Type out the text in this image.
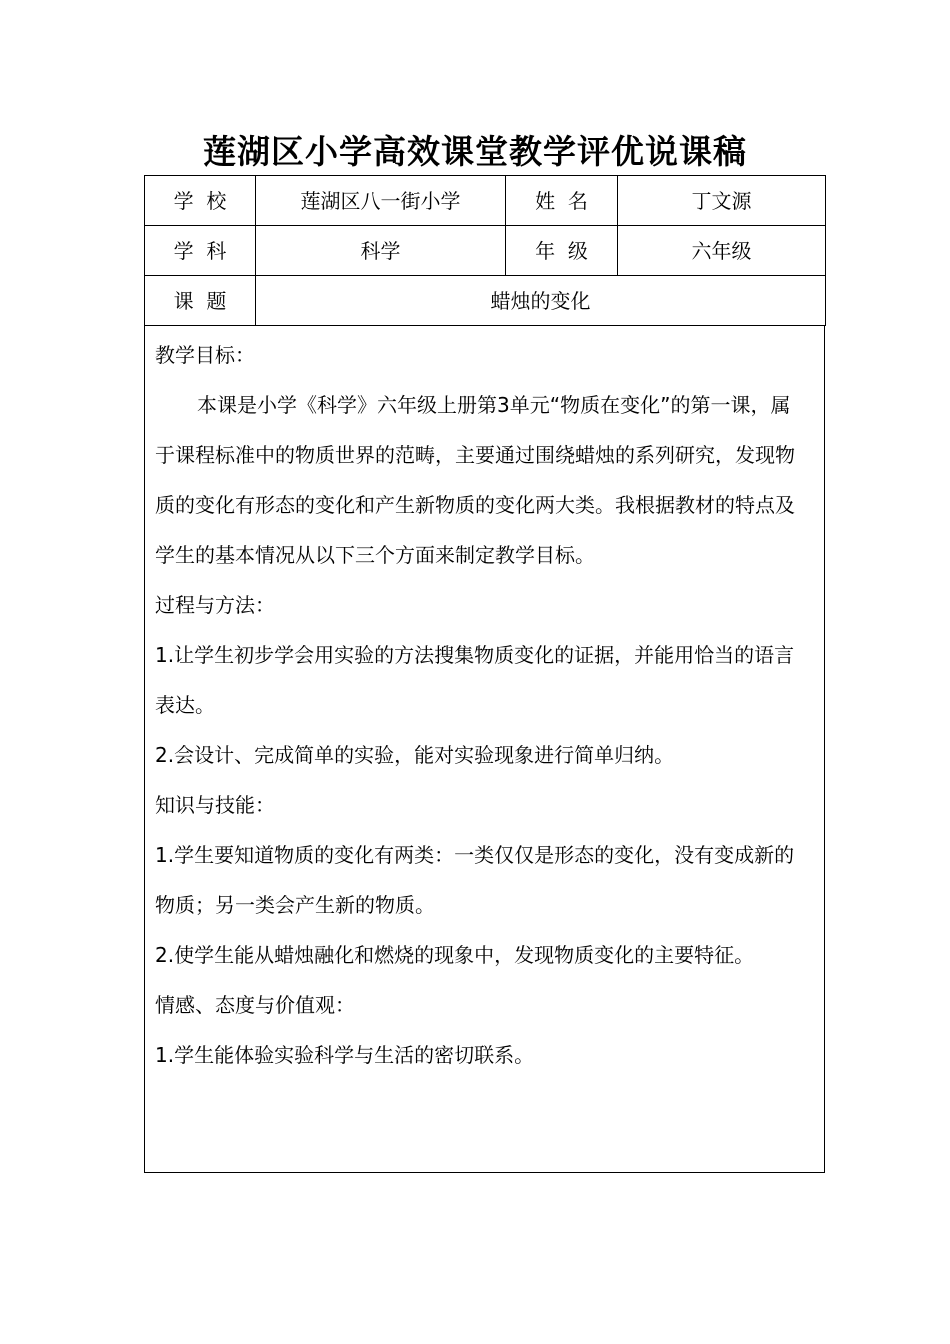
莲湖区小学高效课堂教学评优说课稿
学  校	莲湖区八一街小学	姓  名	丁文源
学  科	科学	年  级	六年级
课  题	蜡烛的变化		

教学目标：

本课是小学《科学》六年级上册第3单元“物质在变化”的第一课，属于课程标准中的物质世界的范畴，主要通过围绕蜡烛的系列研究，发现物质的变化有形态的变化和产生新物质的变化两大类。我根据教材的特点及学生的基本情况从以下三个方面来制定教学目标。

过程与方法：

1.让学生初步学会用实验的方法搜集物质变化的证据，并能用恰当的语言表达。

2.会设计、完成简单的实验，能对实验现象进行简单归纳。

知识与技能：

1.学生要知道物质的变化有两类：一类仅仅是形态的变化，没有变成新的物质；另一类会产生新的物质。

2.使学生能从蜡烛融化和燃烧的现象中，发现物质变化的主要特征。

情感、态度与价值观：

1.学生能体验实验科学与生活的密切联系。
